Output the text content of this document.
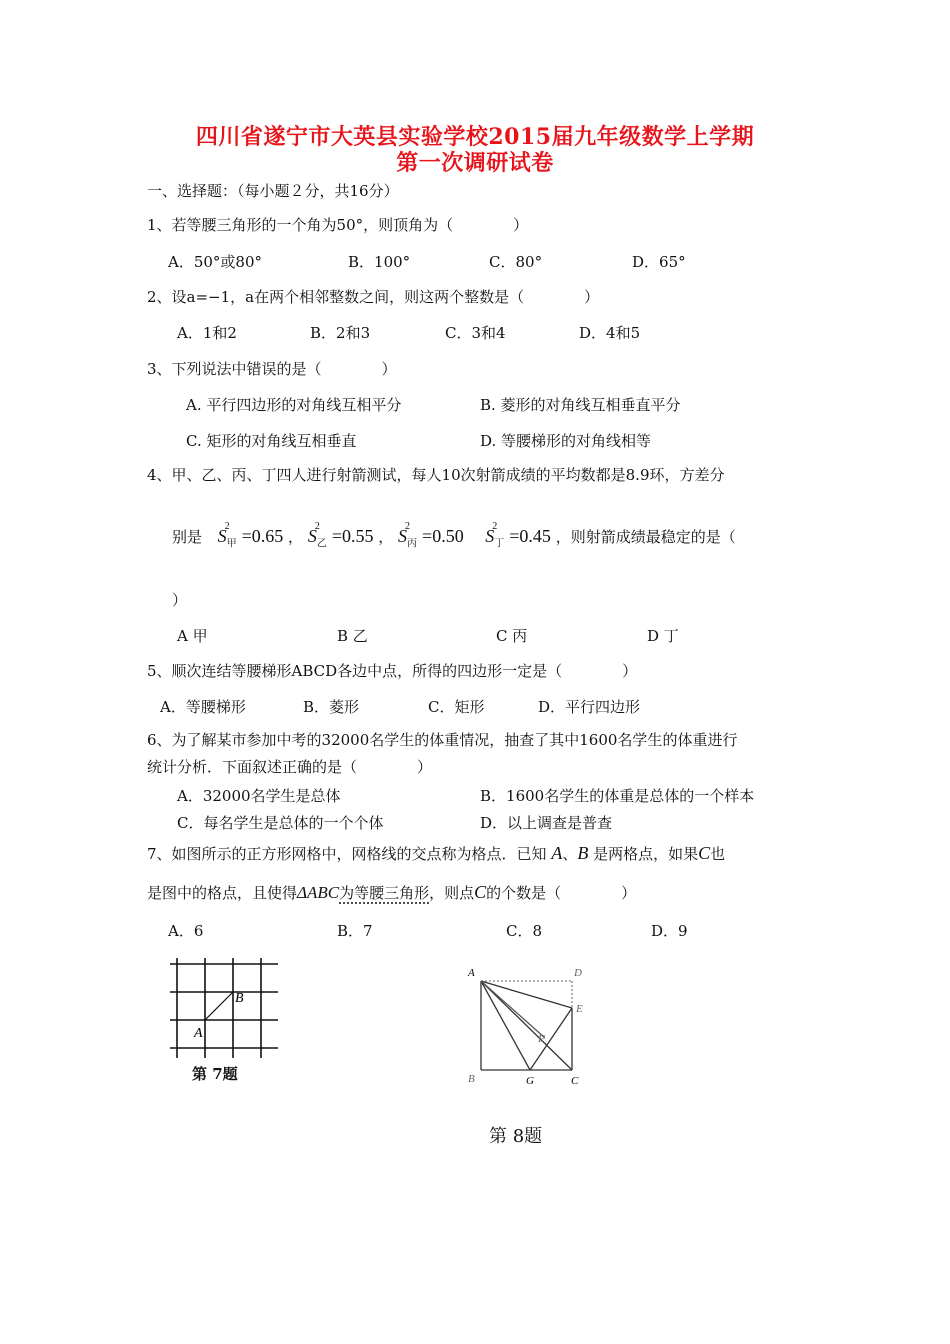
四川省遂宁市大英县实验学校2015届九年级数学上学期
第一次调研试卷
一、选择题：（每小题２分，共16分）
1、若等腰三角形的一个角为50°，则顶角为（　　　　）
A．50°或80°	B．100°	C．80°	D．65°
2、设a=−1，a在两个相邻整数之间，则这两个整数是（　　　　）
A．1和2	B．2和3	C．3和4	D．4和5
3、下列说法中错误的是（　　　　）
A. 平行四边形的对角线互相平分	B. 菱形的对角线互相垂直平分
C. 矩形的对角线互相垂直	D. 等腰梯形的对角线相等
4、甲、乙、丙、丁四人进行射箭测试，每人10次射箭成绩的平均数都是8.9环，方差分
别是 $S_甲^2 =0.65$ ， $S_乙^2 =0.55$ ， $S_丙^2 =0.50$ $S_丁^2 =0.45$ ，则射箭成绩最稳定的是（
）
A 甲	B 乙	C 丙	D 丁
5、顺次连结等腰梯形ABCD各边中点，所得的四边形一定是（　　　　）
A．等腰梯形	B．菱形	C．矩形	D．平行四边形
6、为了解某市参加中考的32000名学生的体重情况，抽查了其中1600名学生的体重进行
统计分析．下面叙述正确的是（　　　　）
A．32000名学生是总体	B．1600名学生的体重是总体的一个样本
C．每名学生是总体的一个个体	D．以上调查是普查
7、如图所示的正方形网格中，网格线的交点称为格点．已知 A、B 是两格点，如果C也
是图中的格点，且使得ΔABC为等腰三角形，则点C的个数是（　　　　）
A．6	B．7	C．8	D．9
A
B
第 7题
A	D
E
F
B	G	C
第 8题
